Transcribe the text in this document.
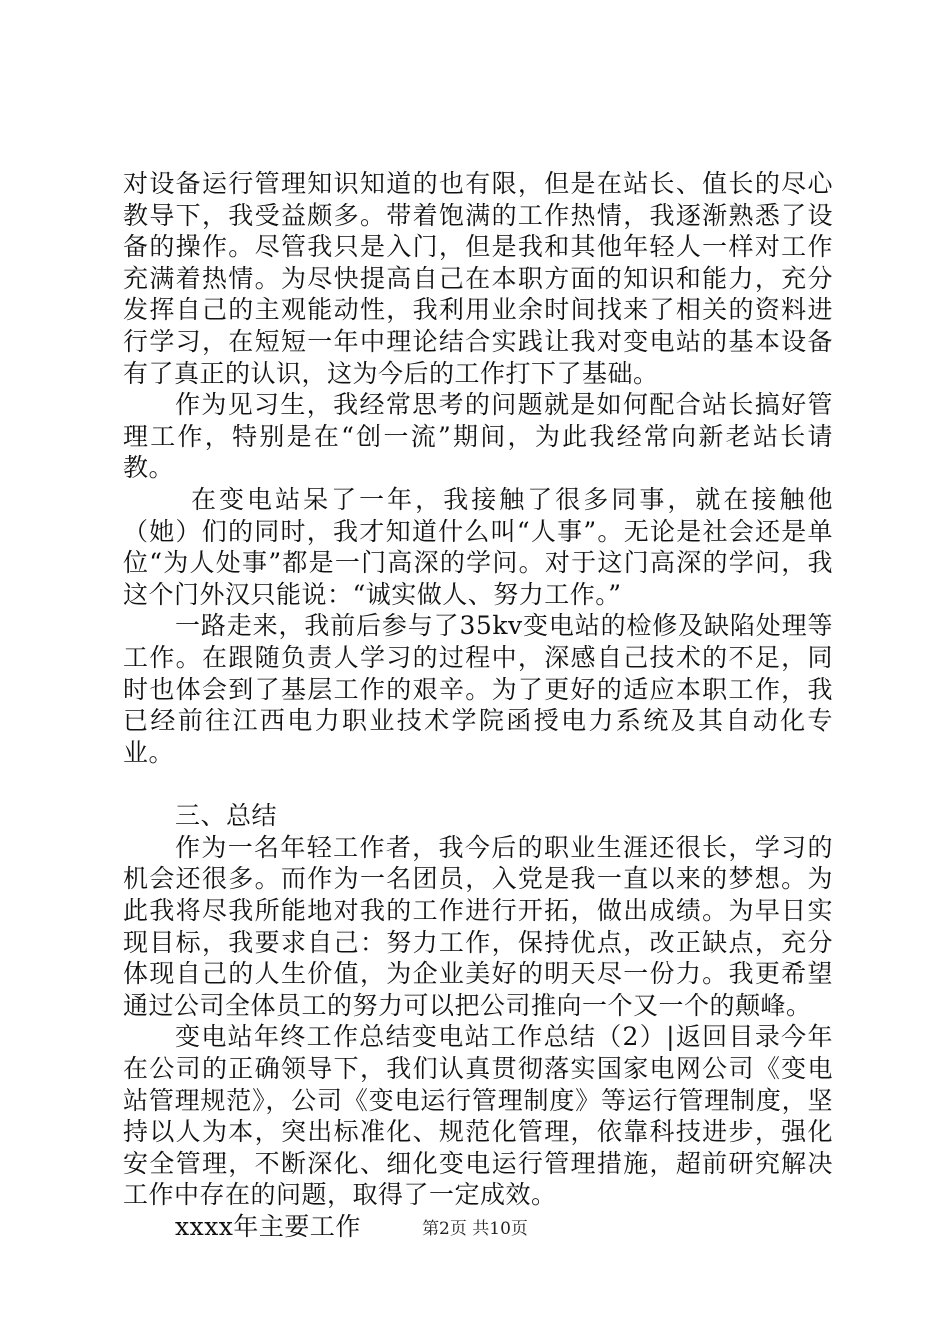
对设备运行管理知识知道的也有限，但是在站长、值长的尽心教导下，我受益颇多。带着饱满的工作热情，我逐渐熟悉了设备的操作。尽管我只是入门，但是我和其他年轻人一样对工作充满着热情。为尽快提高自己在本职方面的知识和能力，充分发挥自己的主观能动性，我利用业余时间找来了相关的资料进行学习，在短短一年中理论结合实践让我对变电站的基本设备有了真正的认识，这为今后的工作打下了基础。

作为见习生，我经常思考的问题就是如何配合站长搞好管理工作，特别是在“创一流”期间，为此我经常向新老站长请教。

在变电站呆了一年，我接触了很多同事，就在接触他（她）们的同时，我才知道什么叫“人事”。无论是社会还是单位“为人处事”都是一门高深的学问。对于这门高深的学问，我这个门外汉只能说：“诚实做人、努力工作。”

一路走来，我前后参与了35kv变电站的检修及缺陷处理等工作。在跟随负责人学习的过程中，深感自己技术的不足，同时也体会到了基层工作的艰辛。为了更好的适应本职工作，我已经前往江西电力职业技术学院函授电力系统及其自动化专业。

三、总结

作为一名年轻工作者，我今后的职业生涯还很长，学习的机会还很多。而作为一名团员，入党是我一直以来的梦想。为此我将尽我所能地对我的工作进行开拓，做出成绩。为早日实现目标，我要求自己：努力工作，保持优点，改正缺点，充分体现自己的人生价值，为企业美好的明天尽一份力。我更希望通过公司全体员工的努力可以把公司推向一个又一个的颠峰。

变电站年终工作总结变电站工作总结（2）|返回目录今年在公司的正确领导下，我们认真贯彻落实国家电网公司《变电站管理规范》，公司《变电运行管理制度》等运行管理制度，坚持以人为本，突出标准化、规范化管理，依靠科技进步，强化安全管理，不断深化、细化变电运行管理措施，超前研究解决工作中存在的问题，取得了一定成效。

xxxx年主要工作	第2页 共10页
